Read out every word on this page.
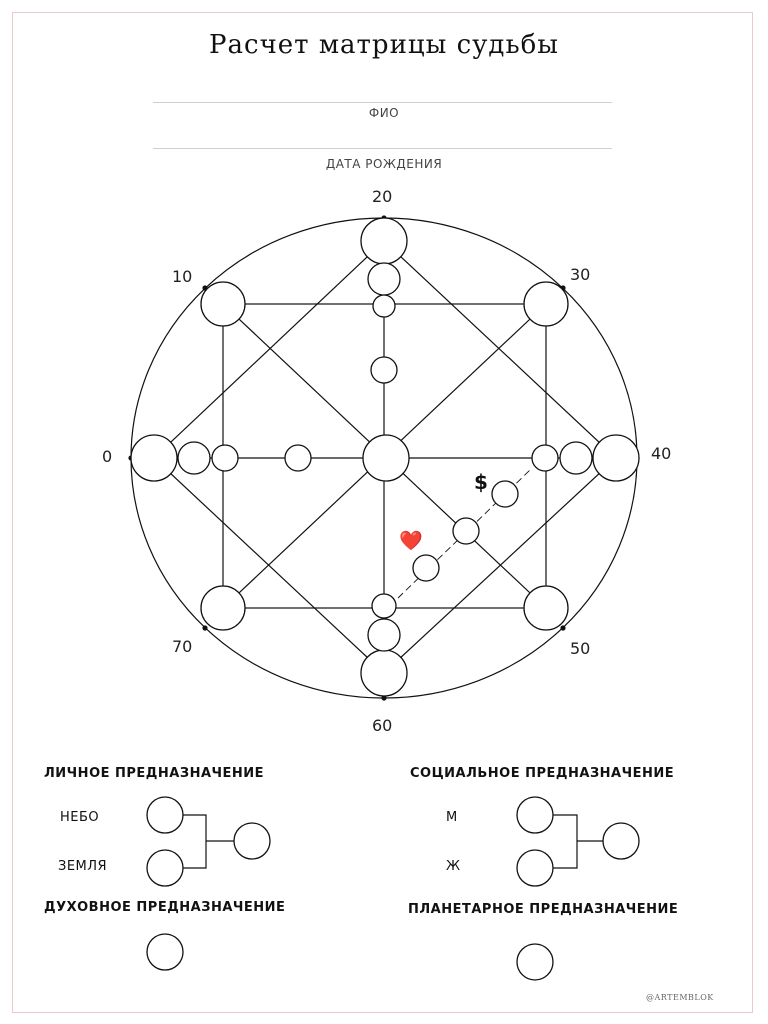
Расчет матрицы судьбы
ФИО
ДАТА РОЖДЕНИЯ
20
30
40
50
60
70
0
10
$
❤️
ЛИЧНОЕ ПРЕДНАЗНАЧЕНИЕ
НЕБО
ЗЕМЛЯ
СОЦИАЛЬНОЕ ПРЕДНАЗНАЧЕНИЕ
М
Ж
ДУХОВНОЕ ПРЕДНАЗНАЧЕНИЕ	ПЛАНЕТАРНОЕ ПРЕДНАЗНАЧЕНИЕ
@ARTEMBLOK
